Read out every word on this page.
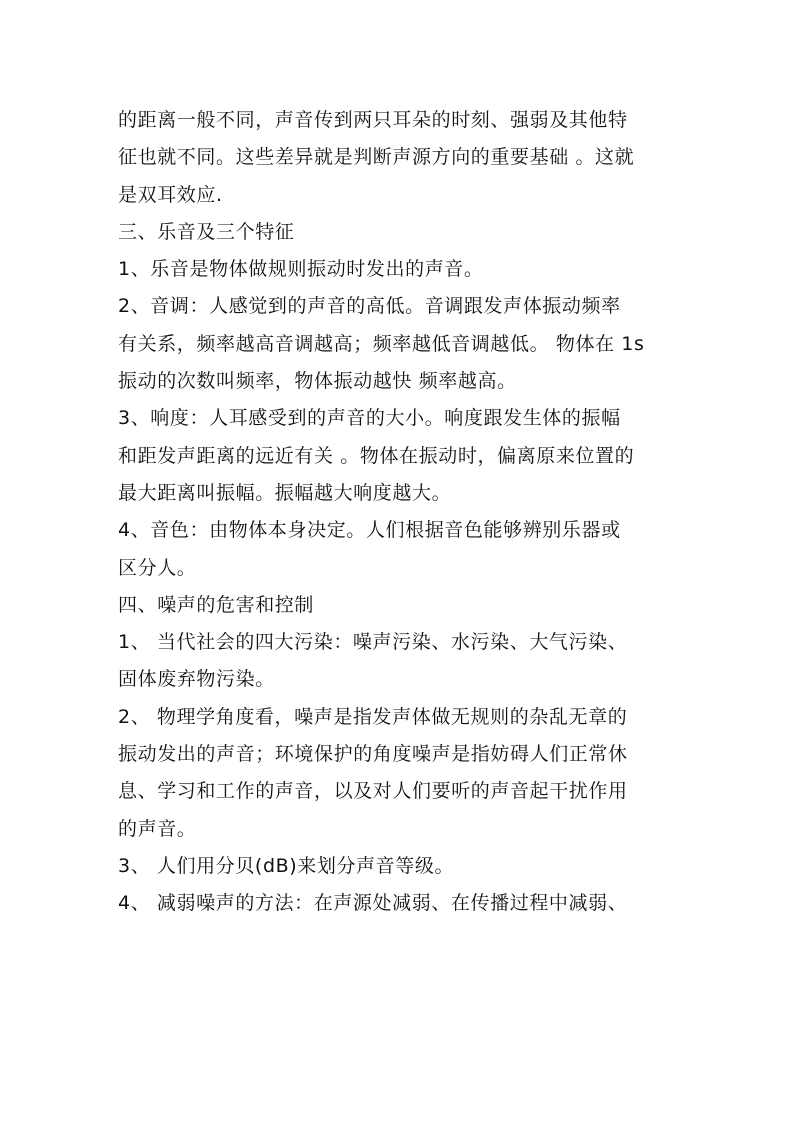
的距离一般不同，声音传到两只耳朵的时刻、强弱及其他特
征也就不同。这些差异就是判断声源方向的重要基础 。这就
是双耳效应.
三、乐音及三个特征
1、乐音是物体做规则振动时发出的声音。
2、音调：人感觉到的声音的高低。音调跟发声体振动频率
有关系，频率越高音调越高；频率越低音调越低。 物体在 1s
振动的次数叫频率，物体振动越快 频率越高。
3、响度：人耳感受到的声音的大小。响度跟发生体的振幅
和距发声距离的远近有关 。物体在振动时，偏离原来位置的
最大距离叫振幅。振幅越大响度越大。
4、音色：由物体本身决定。人们根据音色能够辨别乐器或
区分人。
四、噪声的危害和控制
1、 当代社会的四大污染：噪声污染、水污染、大气污染、
固体废弃物污染。
2、 物理学角度看，噪声是指发声体做无规则的杂乱无章的
振动发出的声音；环境保护的角度噪声是指妨碍人们正常休
息、学习和工作的声音，以及对人们要听的声音起干扰作用
的声音。
3、 人们用分贝(dB)来划分声音等级。
4、 减弱噪声的方法：在声源处减弱、在传播过程中减弱、
